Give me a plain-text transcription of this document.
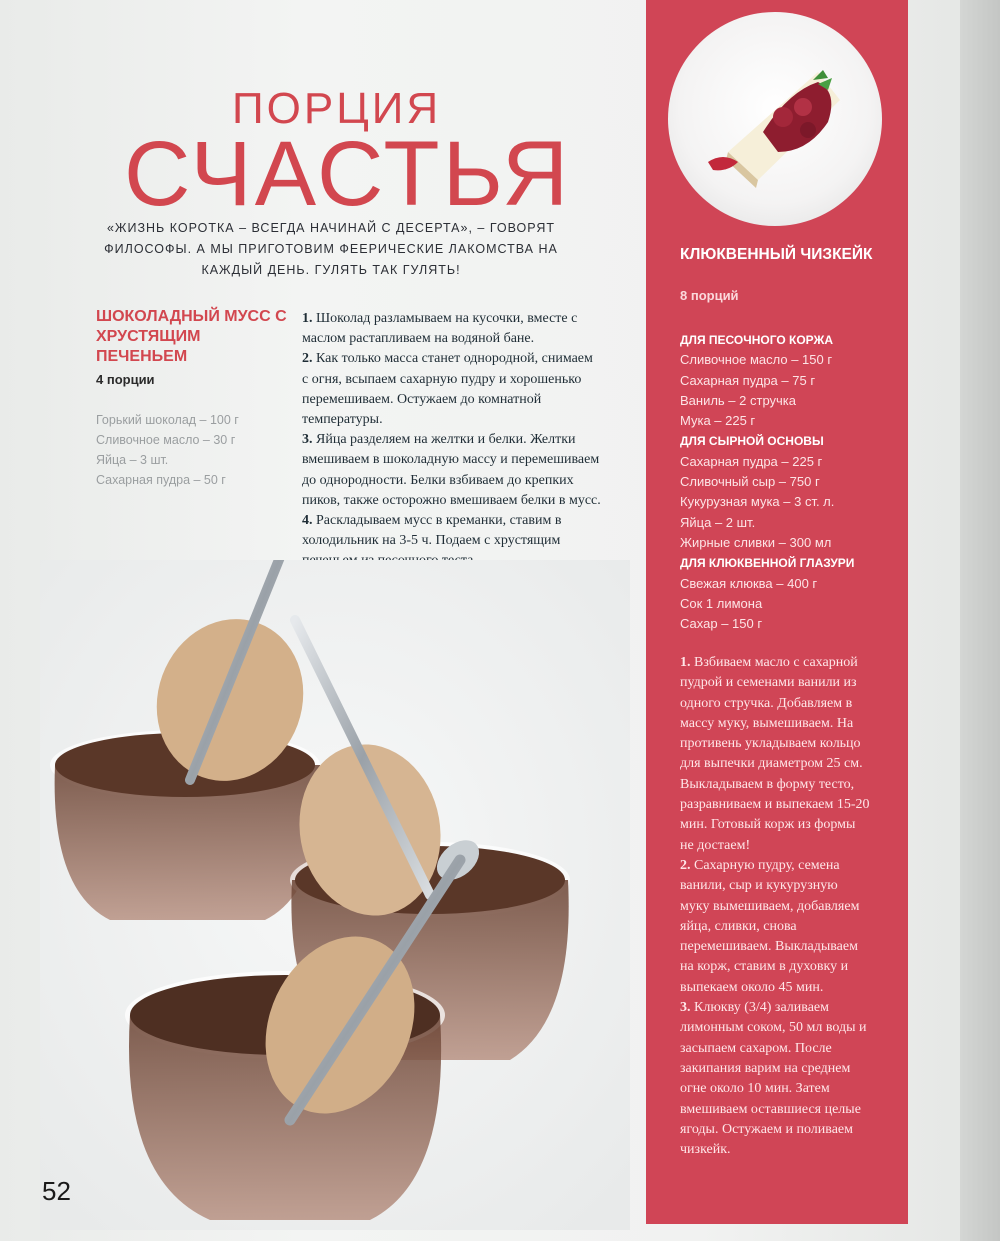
ПОРЦИЯ
СЧАСТЬЯ
«ЖИЗНЬ КОРОТКА – ВСЕГДА НАЧИНАЙ С ДЕСЕРТА», – ГОВОРЯТ ФИЛОСОФЫ. А МЫ ПРИГОТОВИМ ФЕЕРИЧЕСКИЕ ЛАКОМСТВА НА КАЖДЫЙ ДЕНЬ. ГУЛЯТЬ ТАК ГУЛЯТЬ!
ШОКОЛАДНЫЙ МУСС С ХРУСТЯЩИМ ПЕЧЕНЬЕМ
4 порции
Горький шоколад – 100 г
Сливочное масло – 30 г
Яйца – 3 шт.
Сахарная пудра – 50 г
1. Шоколад разламываем на кусочки, вместе с маслом растапливаем на водяной бане.
2. Как только масса станет однородной, снимаем с огня, всыпаем сахарную пудру и хорошенько перемешиваем. Остужаем до комнатной температуры.
3. Яйца разделяем на желтки и белки. Желтки вмешиваем в шоколадную массу и перемешиваем до однородности. Белки взбиваем до крепких пиков, также осторожно вмешиваем белки в мусс.
4. Раскладываем мусс в креманки, ставим в холодильник на 3-5 ч. Подаем с хрустящим
52
КЛЮКВЕННЫЙ ЧИЗКЕЙК
8 порций
ДЛЯ ПЕСОЧНОГО КОРЖА
Сливочное масло – 150 г
Сахарная пудра – 75 г
Ваниль – 2 стручка
Мука – 225 г
ДЛЯ СЫРНОЙ ОСНОВЫ
Сахарная пудра – 225 г
Сливочный сыр – 750 г
Кукурузная мука – 3 ст. л.
Яйца – 2 шт.
Жирные сливки – 300 мл
ДЛЯ КЛЮКВЕННОЙ ГЛАЗУРИ
Свежая клюква – 400 г
Сок 1 лимона
Сахар – 150 г
1. Взбиваем масло с сахарной пудрой и семенами ванили из одного стручка. Добавляем в массу муку, вымешиваем. На противень укладываем кольцо для выпечки диаметром 25 см. Выкладываем в форму тесто, разравниваем и выпекаем 15-20 мин. Готовый корж из формы не достаем!
2. Сахарную пудру, семена ванили, сыр и кукурузную муку вымешиваем, добавляем яйца, сливки, снова перемешиваем. Выкладываем на корж, ставим в духовку и выпекаем около 45 мин.
3. Клюкву (3/4) заливаем лимонным соком, 50 мл воды и засыпаем сахаром. После закипания варим на среднем огне около 10 мин. Затем вмешиваем оставшиеся целые ягоды. Остужаем и поливаем чизкейк.
